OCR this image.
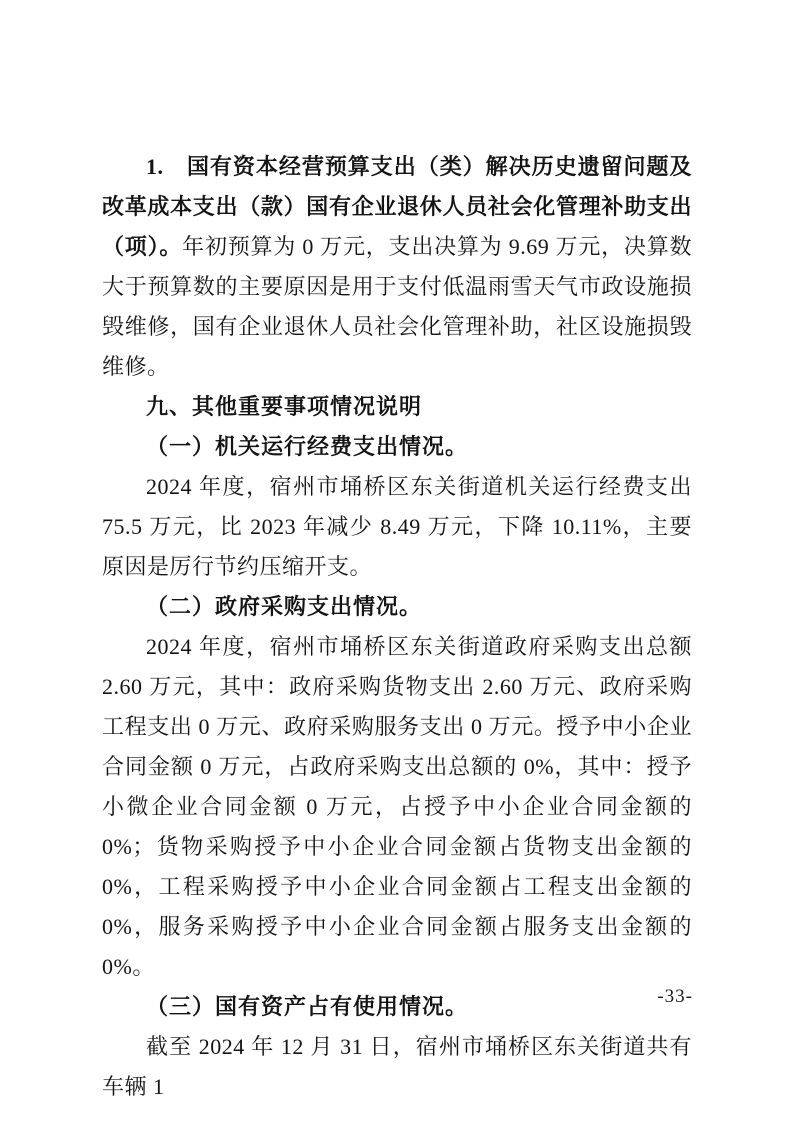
1.　国有资本经营预算支出（类）解决历史遗留问题及改革成本支出（款）国有企业退休人员社会化管理补助支出（项）。年初预算为 0 万元，支出决算为 9.69 万元，决算数大于预算数的主要原因是用于支付低温雨雪天气市政设施损毁维修，国有企业退休人员社会化管理补助，社区设施损毁维修。

九、其他重要事项情况说明
（一）机关运行经费支出情况。

2024 年度，宿州市埇桥区东关街道机关运行经费支出 75.5 万元，比 2023 年减少 8.49 万元，下降 10.11%，主要原因是厉行节约压缩开支。

（二）政府采购支出情况。

2024 年度，宿州市埇桥区东关街道政府采购支出总额 2.60 万元，其中：政府采购货物支出 2.60 万元、政府采购工程支出 0 万元、政府采购服务支出 0 万元。授予中小企业合同金额 0 万元，占政府采购支出总额的 0%，其中：授予小微企业合同金额 0 万元，占授予中小企业合同金额的 0%；货物采购授予中小企业合同金额占货物支出金额的 0%，工程采购授予中小企业合同金额占工程支出金额的 0%，服务采购授予中小企业合同金额占服务支出金额的 0%。

（三）国有资产占有使用情况。

截至 2024 年 12 月 31 日，宿州市埇桥区东关街道共有车辆 1

-33-
